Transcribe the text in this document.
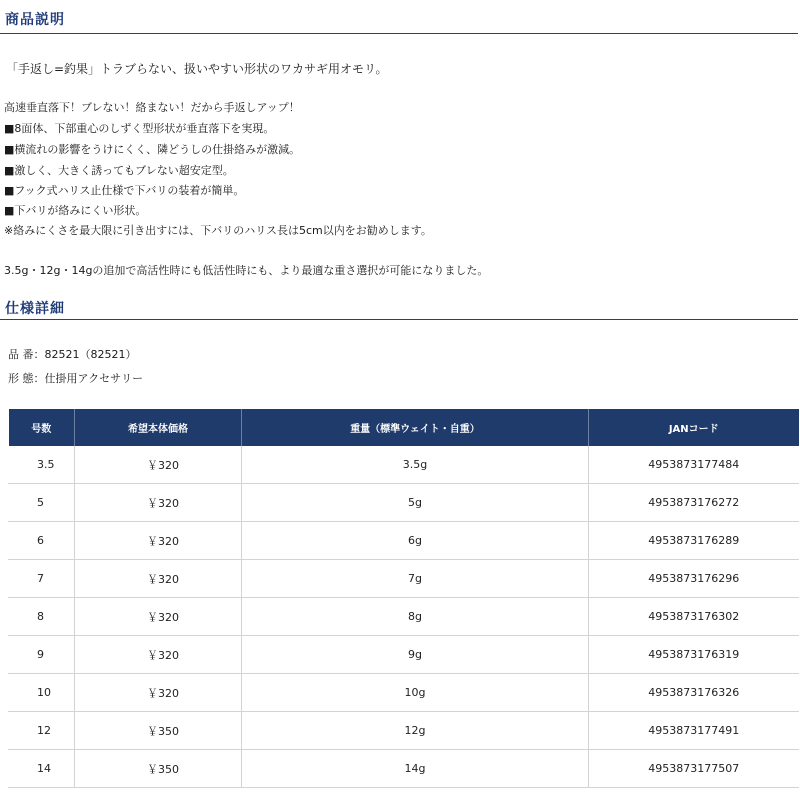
商品説明
「手返し=釣果」トラブらない、扱いやすい形状のワカサギ用オモリ。
高速垂直落下！ブレない！絡まない！だから手返しアップ！
■8面体、下部重心のしずく型形状が垂直落下を実現。
■横流れの影響をうけにくく、隣どうしの仕掛絡みが激減。
■激しく、大きく誘ってもブレない超安定型。
■フック式ハリス止仕様で下バリの装着が簡単。
■下バリが絡みにくい形状。
※絡みにくさを最大限に引き出すには、下バリのハリス長は5cm以内をお勧めします。
3.5g・12g・14gの追加で高活性時にも低活性時にも、より最適な重さ選択が可能になりました。
仕様詳細
品 番：82521（82521）
形 態：仕掛用アクセサリー
号数	希望本体価格	重量（標準ウェイト・自重）	JANコード
3.5	￥320	3.5g	4953873177484
5	￥320	5g	4953873176272
6	￥320	6g	4953873176289
7	￥320	7g	4953873176296
8	￥320	8g	4953873176302
9	￥320	9g	4953873176319
10	￥320	10g	4953873176326
12	￥350	12g	4953873177491
14	￥350	14g	4953873177507
